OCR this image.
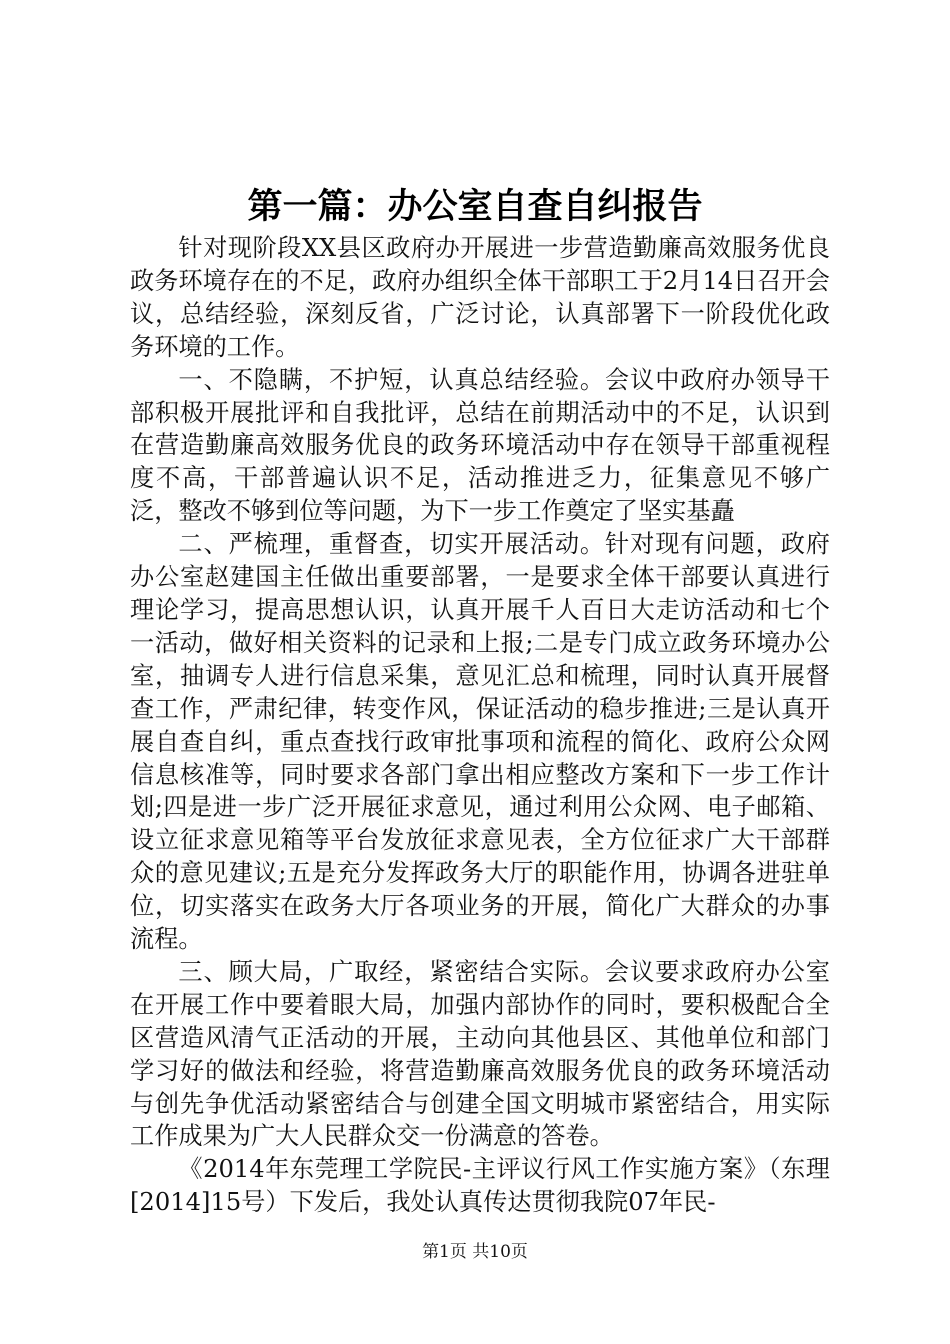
第一篇：办公室自查自纠报告

针对现阶段XX县区政府办开展进一步营造勤廉高效服务优良政务环境存在的不足，政府办组织全体干部职工于2月14日召开会议，总结经验，深刻反省，广泛讨论，认真部署下一阶段优化政务环境的工作。

一、不隐瞒，不护短，认真总结经验。会议中政府办领导干部积极开展批评和自我批评，总结在前期活动中的不足，认识到在营造勤廉高效服务优良的政务环境活动中存在领导干部重视程度不高，干部普遍认识不足，活动推进乏力，征集意见不够广泛，整改不够到位等问题，为下一步工作奠定了坚实基矗

二、严梳理，重督查，切实开展活动。针对现有问题，政府办公室赵建国主任做出重要部署，一是要求全体干部要认真进行理论学习，提高思想认识，认真开展千人百日大走访活动和七个一活动，做好相关资料的记录和上报;二是专门成立政务环境办公室，抽调专人进行信息采集，意见汇总和梳理，同时认真开展督查工作，严肃纪律，转变作风，保证活动的稳步推进;三是认真开展自查自纠，重点查找行政审批事项和流程的简化、政府公众网信息核准等，同时要求各部门拿出相应整改方案和下一步工作计划;四是进一步广泛开展征求意见，通过利用公众网、电子邮箱、设立征求意见箱等平台发放征求意见表，全方位征求广大干部群众的意见建议;五是充分发挥政务大厅的职能作用，协调各进驻单位，切实落实在政务大厅各项业务的开展，简化广大群众的办事流程。

三、顾大局，广取经，紧密结合实际。会议要求政府办公室在开展工作中要着眼大局，加强内部协作的同时，要积极配合全区营造风清气正活动的开展，主动向其他县区、其他单位和部门学习好的做法和经验，将营造勤廉高效服务优良的政务环境活动与创先争优活动紧密结合与创建全国文明城市紧密结合，用实际工作成果为广大人民群众交一份满意的答卷。

《2014年东莞理工学院民-主评议行风工作实施方案》（东理[2014]15号）下发后，我处认真传达贯彻我院07年民-

第1页 共10页
